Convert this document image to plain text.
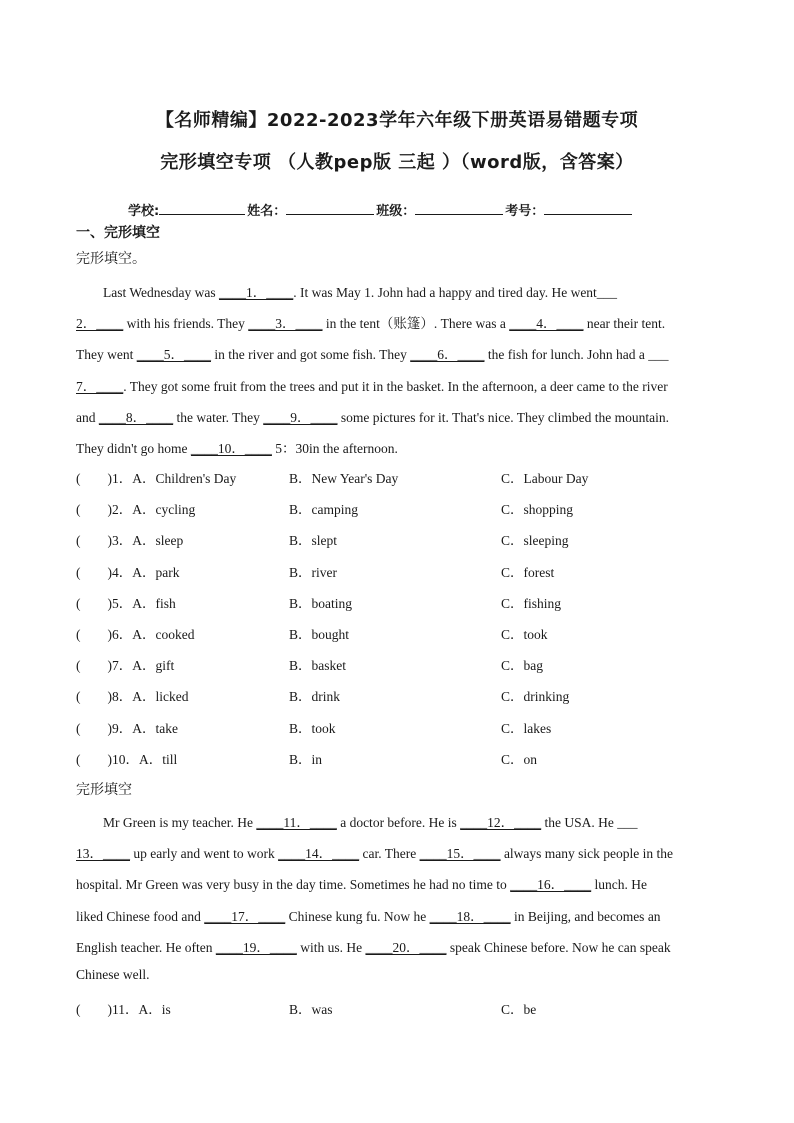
【名师精编】2022-2023学年六年级下册英语易错题专项
完形填空专项 （人教pep版 三起 ）（word版，含答案）
学校:	姓名：	班级：	考号：
一、完形填空
完形填空。
　　Last Wednesday was ____1．____. It was May 1. John had a happy and tired day. He went___
2．____ with his friends. They ____3．____ in the tent（账篷）. There was a ____4．____ near their tent.
They went ____5．____ in the river and got some fish. They ____6．____ the fish for lunch. John had a ___
7．____. They got some fruit from the trees and put it in the basket. In the afternoon, a deer came to the river
and ____8．____ the water. They ____9．____ some pictures for it. That's nice. They climbed the mountain.
They didn't go home ____10．____ 5：30in the afternoon.
(　　)1．A．Children's Day	B．New Year's Day	C．Labour Day
(　　)2．A．cycling	B．camping	C．shopping
(　　)3．A．sleep	B．slept	C．sleeping
(　　)4．A．park	B．river	C．forest
(　　)5．A．fish	B．boating	C．fishing
(　　)6．A．cooked	B．bought	C．took
(　　)7．A．gift	B．basket	C．bag
(　　)8．A．licked	B．drink	C．drinking
(　　)9．A．take	B．took	C．lakes
(　　)10．A．till	B．in	C．on
完形填空
　　Mr Green is my teacher. He ____11．____ a doctor before. He is ____12．____ the USA. He ___
13．____ up early and went to work ____14．____ car. There ____15．____ always many sick people in the
hospital. Mr Green was very busy in the day time. Sometimes he had no time to ____16．____ lunch. He
liked Chinese food and ____17．____ Chinese kung fu. Now he ____18．____ in Beijing, and becomes an
English teacher. He often ____19．____ with us. He ____20．____ speak Chinese before. Now he can speak
Chinese well.
(　　)11．A．is	B．was	C．be
